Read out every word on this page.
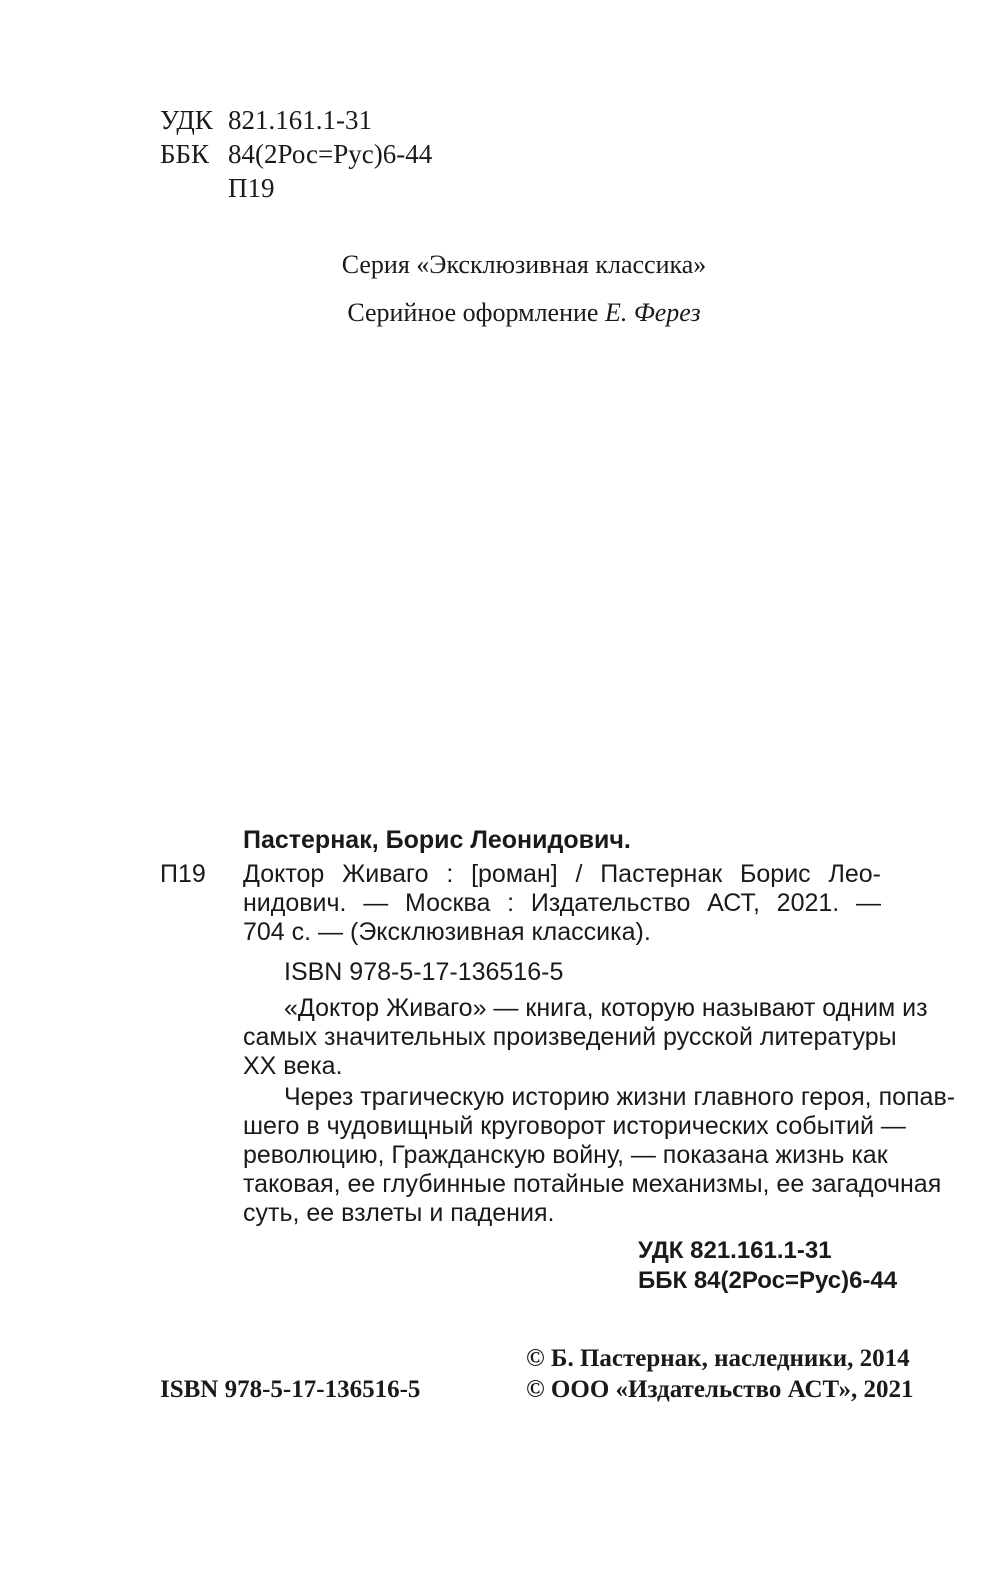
УДК 821.161.1-31
ББК 84(2Рос=Рус)6-44
П19
Серия «Эксклюзивная классика»
Серийное оформление Е. Ферез
Пастернак, Борис Леонидович.
П19 Доктор Живаго : [роман] / Пастернак Борис Лео-
нидович. — Москва : Издательство АСТ, 2021. —
704 с. — (Эксклюзивная классика).
ISBN 978-5-17-136516-5
«Доктор Живаго» — книга, которую называют одним из
самых значительных произведений русской литературы
XX века.
Через трагическую историю жизни главного героя, попав-
шего в чудовищный круговорот исторических событий —
революцию, Гражданскую войну, — показана жизнь как
таковая, ее глубинные потайные механизмы, ее загадочная
суть, ее взлеты и падения.
УДК 821.161.1-31
ББК 84(2Рос=Рус)6-44
© Б. Пастернак, наследники, 2014
ISBN 978-5-17-136516-5	© ООО «Издательство АСТ», 2021
